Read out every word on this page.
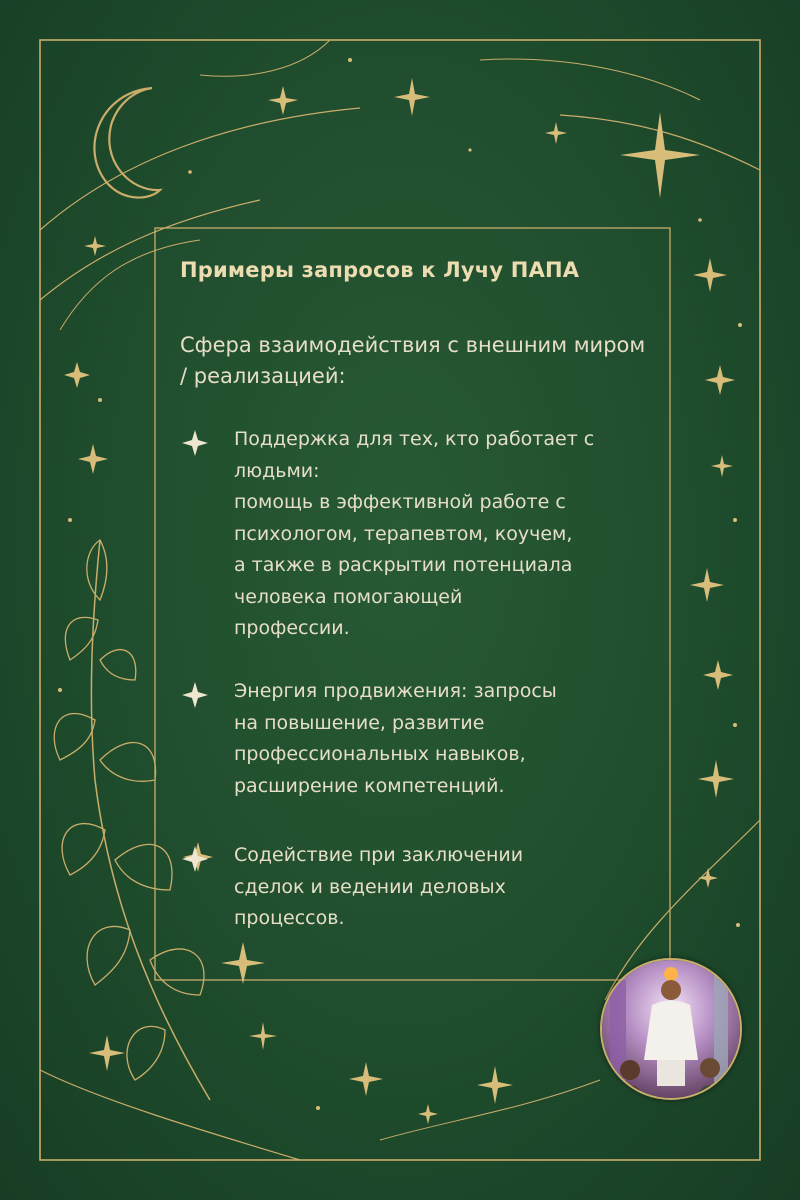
Примеры запросов к Лучу ПАПА
Сфера взаимодействия с внешним миром / реализацией:
Поддержка для тех, кто работает с
людьми:
помощь в эффективной работе с
психологом, терапевтом, коучем,
а также в раскрытии потенциала
человека помогающей
профессии.
Энергия продвижения: запросы
на повышение, развитие
профессиональных навыков,
расширение компетенций.
Содействие при заключении
сделок и ведении деловых
процессов.
